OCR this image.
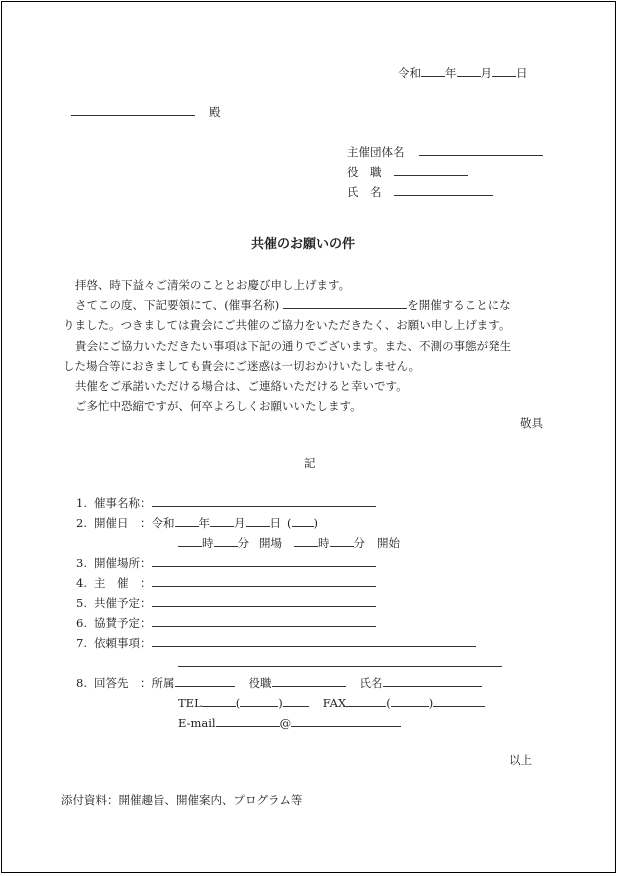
令和 年 月 日
殿
主催団体名
役　職
氏　名
共催のお願いの件

拝啓、時下益々ご清栄のこととお慶び申し上げます。

さてこの度、下記要領にて、(催事名称)	を開催することにな

りました。つきましては貴会にご共催のご協力をいただきたく、お願い申し上げます。

貴会にご協力いただきたい事項は下記の通りでございます。また、不測の事態が発生

した場合等におきましても貴会にご迷惑は一切おかけいたしません。

共催をご承諾いただける場合は、ご連絡いただけると幸いです。

ご多忙中恐縮ですが、何卒よろしくお願いいたします。

敬具
記
1. 催事名称：
2. 開催日　：令和 年 月 日 ( )
時 分 開場	時 分 開始
3. 開催場所：
4. 主　催　：
5. 共催予定：
6. 協賛予定：
7. 依頼事項：
8. 回答先　：所属	役職	氏名
TEL	(	)	FAX	(	)
E-mail	@
以上
添付資料：開催趣旨、開催案内、プログラム等
